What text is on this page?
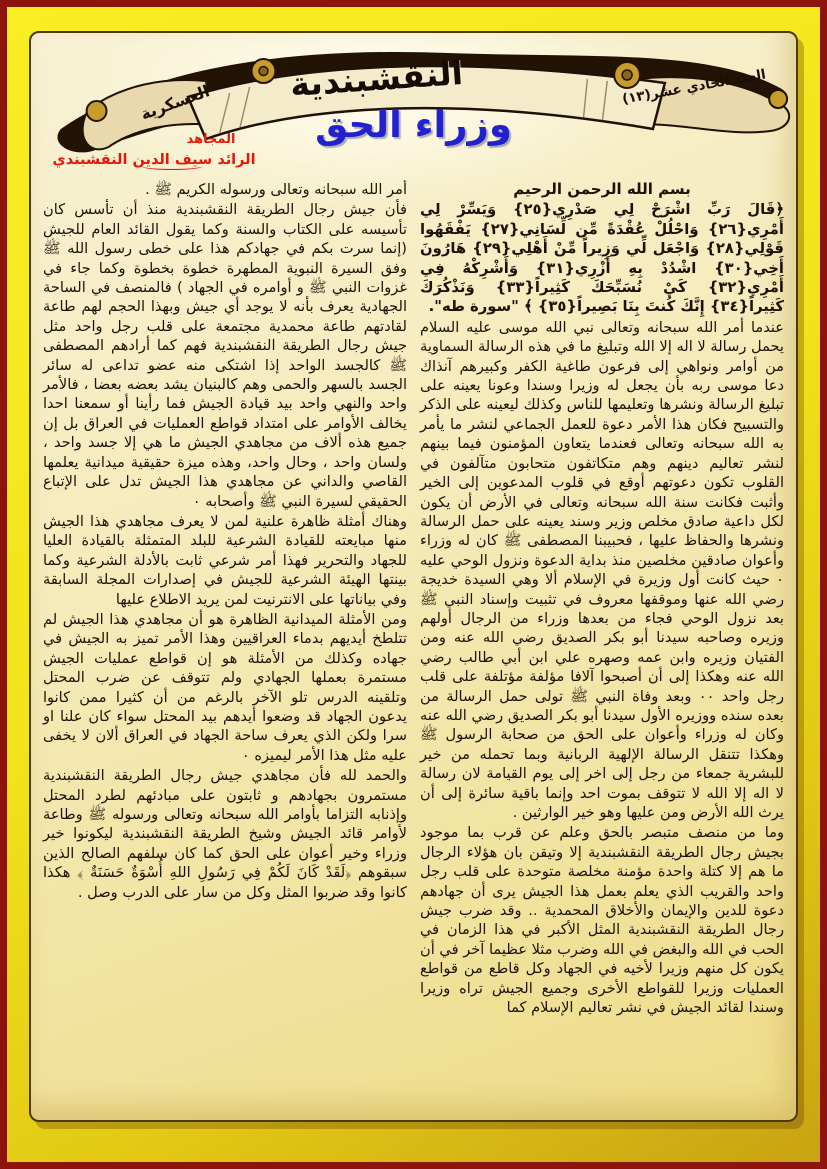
النقشبندية	العدد الحادي عشر(١٣)
العسكرية
وزراء الحق
المجاهد
الرائد سيف الدين النقشبندي

بسم الله الرحمن الرحيم

﴿قَالَ رَبِّ اشْرَحْ لِي صَدْرِي{٢٥} وَيَسِّرْ لِي أَمْرِي{٢٦} وَاحْلُلْ عُقْدَةً مِّن لِّسَانِي{٢٧} يَفْقَهُوا قَوْلِي{٢٨} وَاجْعَل لِّي وَزِيراً مِّنْ أَهْلِي{٢٩} هَارُونَ أَخِي{٣٠} اشْدُدْ بِهِ أَزْرِي{٣١} وَأَشْرِكْهُ فِي أَمْرِي{٣٢} كَيْ نُسَبِّحَكَ كَثِيراً{٣٣} وَنَذْكُرَكَ كَثِيراً{٣٤} إِنَّكَ كُنتَ بِنَا بَصِيراً{٣٥} ﴾ "سورة طه".

عندما أمر الله سبحانه وتعالى نبي الله موسى عليه السلام يحمل رسالة لا اله إلا الله وتبليغ ما في هذه الرسالة السماوية من أوامر ونواهي إلى فرعون طاغية الكفر وكبيرهم آنذاك دعا موسى ربه بأن يجعل له وزيرا وسندا وعونا يعينه على تبليغ الرسالة ونشرها وتعليمها للناس وكذلك ليعينه على الذكر والتسبيح فكان هذا الأمر دعوة للعمل الجماعي لنشر ما يأمر به الله سبحانه وتعالى فعندما يتعاون المؤمنون فيما بينهم لنشر تعاليم دينهم وهم متكاتفون متحابون متآلفون في القلوب تكون دعوتهم أوقع في قلوب المدعوين إلى الخير وأثبت فكانت سنة الله سبحانه وتعالى في الأرض أن يكون لكل داعية صادق مخلص وزير وسند يعينه على حمل الرسالة ونشرها والحفاظ عليها ، فحبيبنا المصطفى ﷺ كان له وزراء وأعوان صادقين مخلصين منذ بداية الدعوة ونزول الوحي عليه ٠ حيث كانت أول وزيرة في الإسلام ألا وهي السيدة خديجة رضي الله عنها وموقفها معروف في تثبيت وإسناد النبي ﷺ بعد نزول الوحي فجاء من بعدها وزراء من الرجال أولهم وزيره وصاحبه سيدنا أبو بكر الصديق رضي الله عنه ومن الفتيان وزيره وابن عمه وصهره علي ابن أبي طالب رضي الله عنه وهكذا إلى أن أصبحوا آلافا مؤلفة مؤتلفة على قلب رجل واحد ٠٠ وبعد وفاة النبي ﷺ تولى حمل الرسالة من بعده سنده ووزيره الأول سيدنا أبو بكر الصديق رضي الله عنه وكان له وزراء وأعوان على الحق من صحابة الرسول ﷺ وهكذا تتنقل الرسالة الإلهية الربانية وبما تحمله من خير للبشرية جمعاء من رجل إلى اخر إلى يوم القيامة لان رسالة لا اله إلا الله لا تتوقف بموت احد وإنما باقية سائرة إلى أن يرث الله الأرض ومن عليها وهو خير الوارثين .

وما من منصف متبصر بالحق وعلم عن قرب بما موجود بجيش رجال الطريقة النقشبندية إلا وتيقن بان هؤلاء الرجال ما هم إلا كتلة واحدة مؤمنة مخلصة متوحدة على قلب رجل واحد والقريب الذي يعلم بعمل هذا الجيش يرى أن جهادهم دعوة للدين والإيمان والأخلاق المحمدية .. وقد ضرب جيش رجال الطريقة النقشبندية المثل الأكبر في هذا الزمان في الحب في الله والبغض في الله وضرب مثلا عظيما آخر في أن يكون كل منهم وزيرا لأخيه في الجهاد وكل قاطع من قواطع العمليات وزيرا للقواطع الأخرى وجميع الجيش تراه وزيرا وسندا لقائد الجيش في نشر تعاليم الإسلام كما

أمر الله سبحانه وتعالى ورسوله الكريم ﷺ .

فأن جيش رجال الطريقة النقشبندية منذ أن تأسس كان تأسيسه على الكتاب والسنة وكما يقول القائد العام للجيش (إنما سرت بكم في جهادكم هذا على خطى رسول الله ﷺ وفق السيرة النبوية المطهرة خطوة بخطوة وكما جاء في غزوات النبي ﷺ و أوامره في الجهاد ) فالمنصف في الساحة الجهادية يعرف بأنه لا يوجد أي جيش وبهذا الحجم لهم طاعة لقادتهم طاعة محمدية مجتمعة على قلب رجل واحد مثل جيش رجال الطريقة النقشبندية فهم كما أرادهم المصطفى ﷺ كالجسد الواحد إذا اشتكى منه عضو تداعى له سائر الجسد بالسهر والحمى وهم كالبنيان يشد بعضه بعضا ، فالأمر واحد والنهي واحد بيد قيادة الجيش فما رأينا أو سمعنا احدا يخالف الأوامر على امتداد قواطع العمليات في العراق بل إن جميع هذه ألاف من مجاهدي الجيش ما هي إلا جسد واحد ، ولسان واحد ، وحال واحد، وهذه ميزة حقيقية ميدانية يعلمها القاصي والداني عن مجاهدي هذا الجيش تدل على الإتباع الحقيقي لسيرة النبي ﷺ وأصحابه ٠

وهناك أمثلة ظاهرة علنية لمن لا يعرف مجاهدي هذا الجيش منها مبايعته للقيادة الشرعية للبلد المتمثلة بالقيادة العليا للجهاد والتحرير فهذا أمر شرعي ثابت بالأدلة الشرعية وكما بينتها الهيئة الشرعية للجيش في إصدارات المجلة السابقة وفي بياناتها على الانترنيت لمن يريد الاطلاع عليها

ومن الأمثلة الميدانية الظاهرة هو أن مجاهدي هذا الجيش لم تتلطخ أيديهم بدماء العراقيين وهذا الأمر تميز به الجيش في جهاده وكذلك من الأمثلة هو إن قواطع عمليات الجيش مستمرة بعملها الجهادي ولم تتوقف عن ضرب المحتل وتلقينه الدرس تلو الآخر بالرغم من أن كثيرا ممن كانوا يدعون الجهاد قد وضعوا أيدهم بيد المحتل سواء كان علنا او سرا ولكن الذي يعرف ساحة الجهاد في العراق ألان لا يخفى عليه مثل هذا الأمر ليميزه ٠

والحمد لله فأن مجاهدي جيش رجال الطريقة النقشبندية مستمرون بجهادهم و ثابتون على مبادئهم لطرد المحتل وإذنابه التزاما بأوامر الله سبحانه وتعالى ورسوله ﷺ وطاعة لأوامر قائد الجيش وشيخ الطريقة النقشبندية ليكونوا خير وزراء وخير أعوان على الحق كما كان سلفهم الصالح الذين سبقوهم ﴿لَقَدْ كَانَ لَكُمْ فِي رَسُولِ اللهِ أُسْوَةٌ حَسَنَةٌ ﴾ هكذا كانوا وقد ضربوا المثل وكل من سار على الدرب وصل .
